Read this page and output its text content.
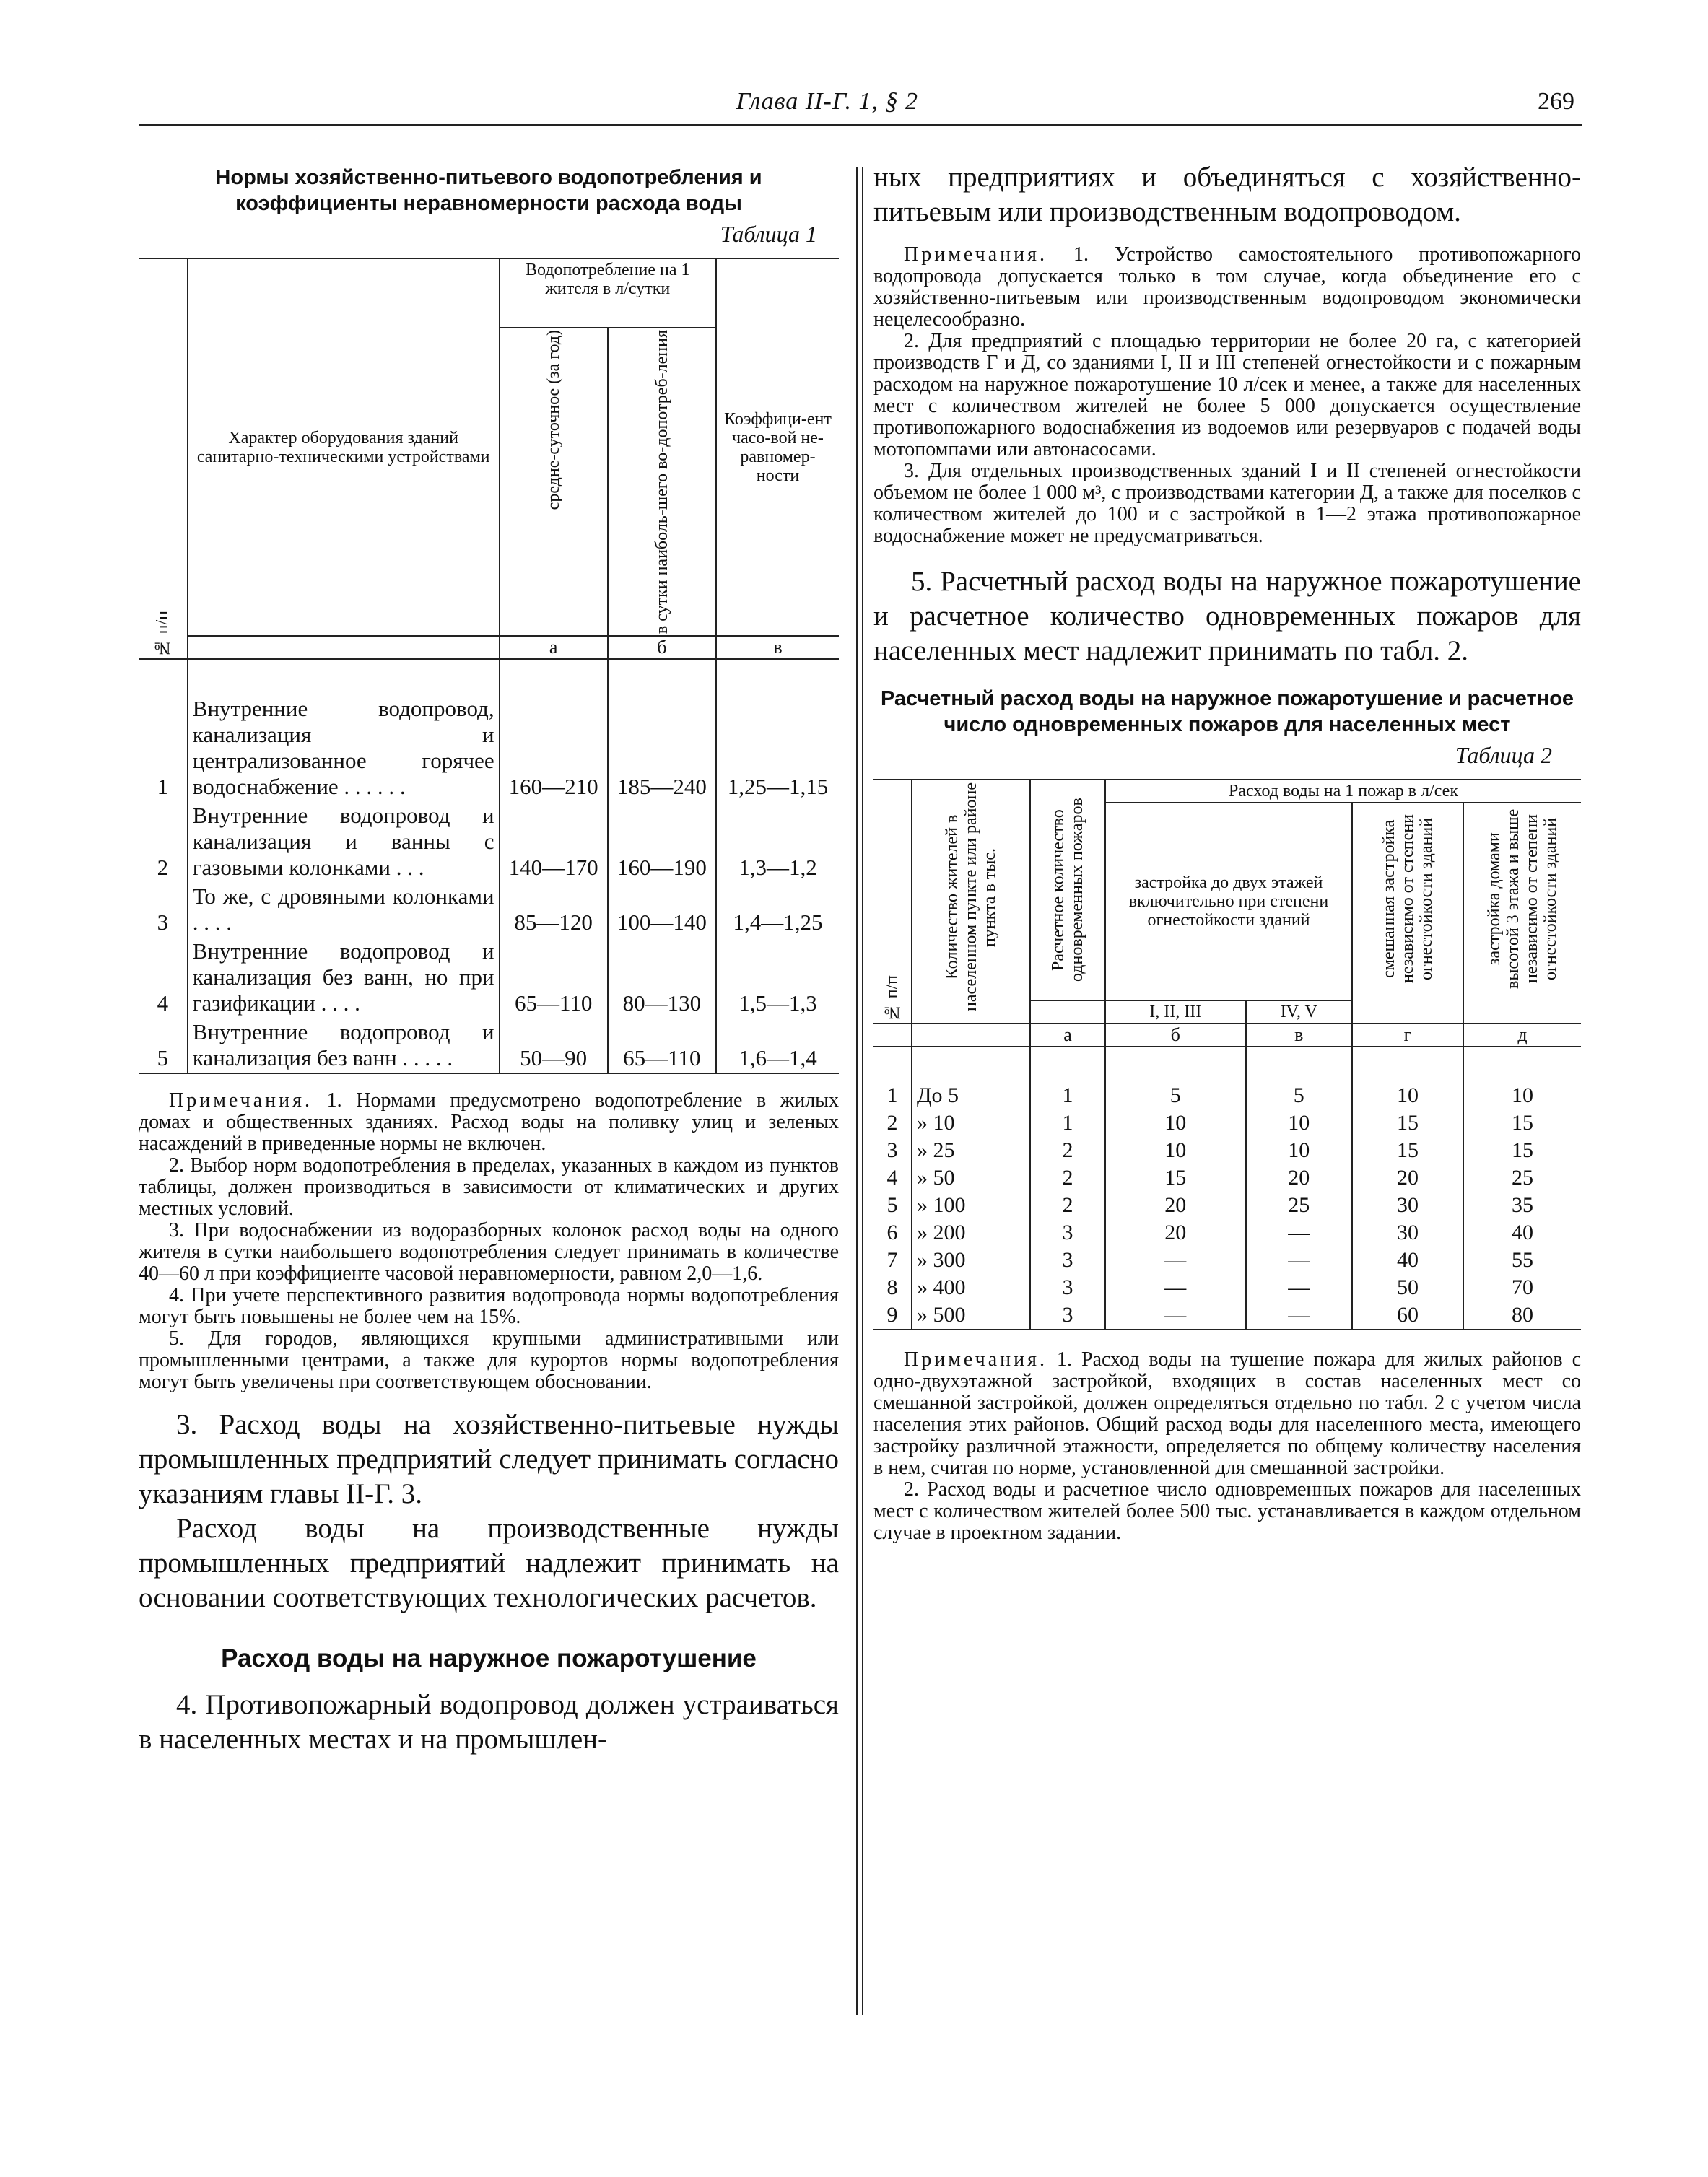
Глава II-Г. 1, § 2	269
Нормы хозяйственно-питьевого водопотребления и коэффициенты неравномерности расхода воды
Таблица 1
№ п/п	Характер оборудования зданий санитарно-техническими устройствами	Водопотребление на 1 жителя в л/сутки		Коэффици-ент часо-вой не-равномер-ности

		средне-суточное (за год)	в сутки наиболь-шего во-допотреб-ления	

		а	б	в
1	Внутренние водопровод, канализация и централизованное горячее водоснабжение . . . . . .	160—210	185—240	1,25—1,15
2	Внутренние водопровод и канализация и ванны с газовыми колонками . . .	140—170	160—190	1,3—1,2
3	То же, с дровяными колонками . . . .	85—120	100—140	1,4—1,25
4	Внутренние водопровод и канализация без ванн, но при газификации . . . .	65—110	80—130	1,5—1,3
5	Внутренние водопровод и канализация без ванн . . . . .	50—90	65—110	1,6—1,4

Примечания. 1. Нормами предусмотрено водопотребление в жилых домах и общественных зданиях. Расход воды на поливку улиц и зеленых насаждений в приведенные нормы не включен.

2. Выбор норм водопотребления в пределах, указанных в каждом из пунктов таблицы, должен производиться в зависимости от климатических и других местных условий.

3. При водоснабжении из водоразборных колонок расход воды на одного жителя в сутки наибольшего водопотребления следует принимать в количестве 40—60 л при коэффициенте часовой неравномерности, равном 2,0—1,6.

4. При учете перспективного развития водопровода нормы водопотребления могут быть повышены не более чем на 15%.

5. Для городов, являющихся крупными административными или промышленными центрами, а также для курортов нормы водопотребления могут быть увеличены при соответствующем обосновании.

3. Расход воды на хозяйственно-питьевые нужды промышленных предприятий следует принимать согласно указаниям главы II-Г. 3.

Расход воды на производственные нужды промышленных предприятий надлежит принимать на основании соответствующих технологических расчетов.

Расход воды на наружное пожаротушение

4. Противопожарный водопровод должен устраиваться в населенных местах и на промышлен-

ных предприятиях и объединяться с хозяйственно-питьевым или производственным водопроводом.

Примечания. 1. Устройство самостоятельного противопожарного водопровода допускается только в том случае, когда объединение его с хозяйственно-питьевым или производственным водопроводом экономически нецелесообразно.

2. Для предприятий с площадью территории не более 20 га, с категорией производств Г и Д, со зданиями I, II и III степеней огнестойкости и с пожарным расходом на наружное пожаротушение 10 л/сек и менее, а также для населенных мест с количеством жителей не более 5 000 допускается осуществление противопожарного водоснабжения из водоемов или резервуаров с подачей воды мотопомпами или автонасосами.

3. Для отдельных производственных зданий I и II степеней огнестойкости объемом не более 1 000 м³, с производствами категории Д, а также для поселков с количеством жителей до 100 и с застройкой в 1—2 этажа противопожарное водоснабжение может не предусматриваться.

5. Расчетный расход воды на наружное пожаротушение и расчетное количество одновременных пожаров для населенных мест надлежит принимать по табл. 2.

Расчетный расход воды на наружное пожаротушение и расчетное число одновременных пожаров для населенных мест
Таблица 2
№ п/п	Количество жителей в населенном пункте или районе пункта в тыс.	Расчетное количество одновременных пожаров	Расход воды на 1 пожар в л/сек			

			застройка до двух этажей включительно при степени огнестойкости зданий		смешанная застройка независимо от степени огнестойкости зданий	застройка домами высотой 3 этажа и выше независимо от степени огнестойкости зданий

			I, II, III	IV, V		
		а	б	в	г	д
1	До 5	1	5	5	10	10
2	» 10	1	10	10	15	15
3	» 25	2	10	10	15	15
4	» 50	2	15	20	20	25
5	» 100	2	20	25	30	35
6	» 200	3	20	—	30	40
7	» 300	3	—	—	40	55
8	» 400	3	—	—	50	70
9	» 500	3	—	—	60	80

Примечания. 1. Расход воды на тушение пожара для жилых районов с одно-двухэтажной застройкой, входящих в состав населенных мест со смешанной застройкой, должен определяться отдельно по табл. 2 с учетом числа населения этих районов. Общий расход воды для населенного места, имеющего застройку различной этажности, определяется по общему количеству населения в нем, считая по норме, установленной для смешанной застройки.

2. Расход воды и расчетное число одновременных пожаров для населенных мест с количеством жителей более 500 тыс. устанавливается в каждом отдельном случае в проектном задании.
